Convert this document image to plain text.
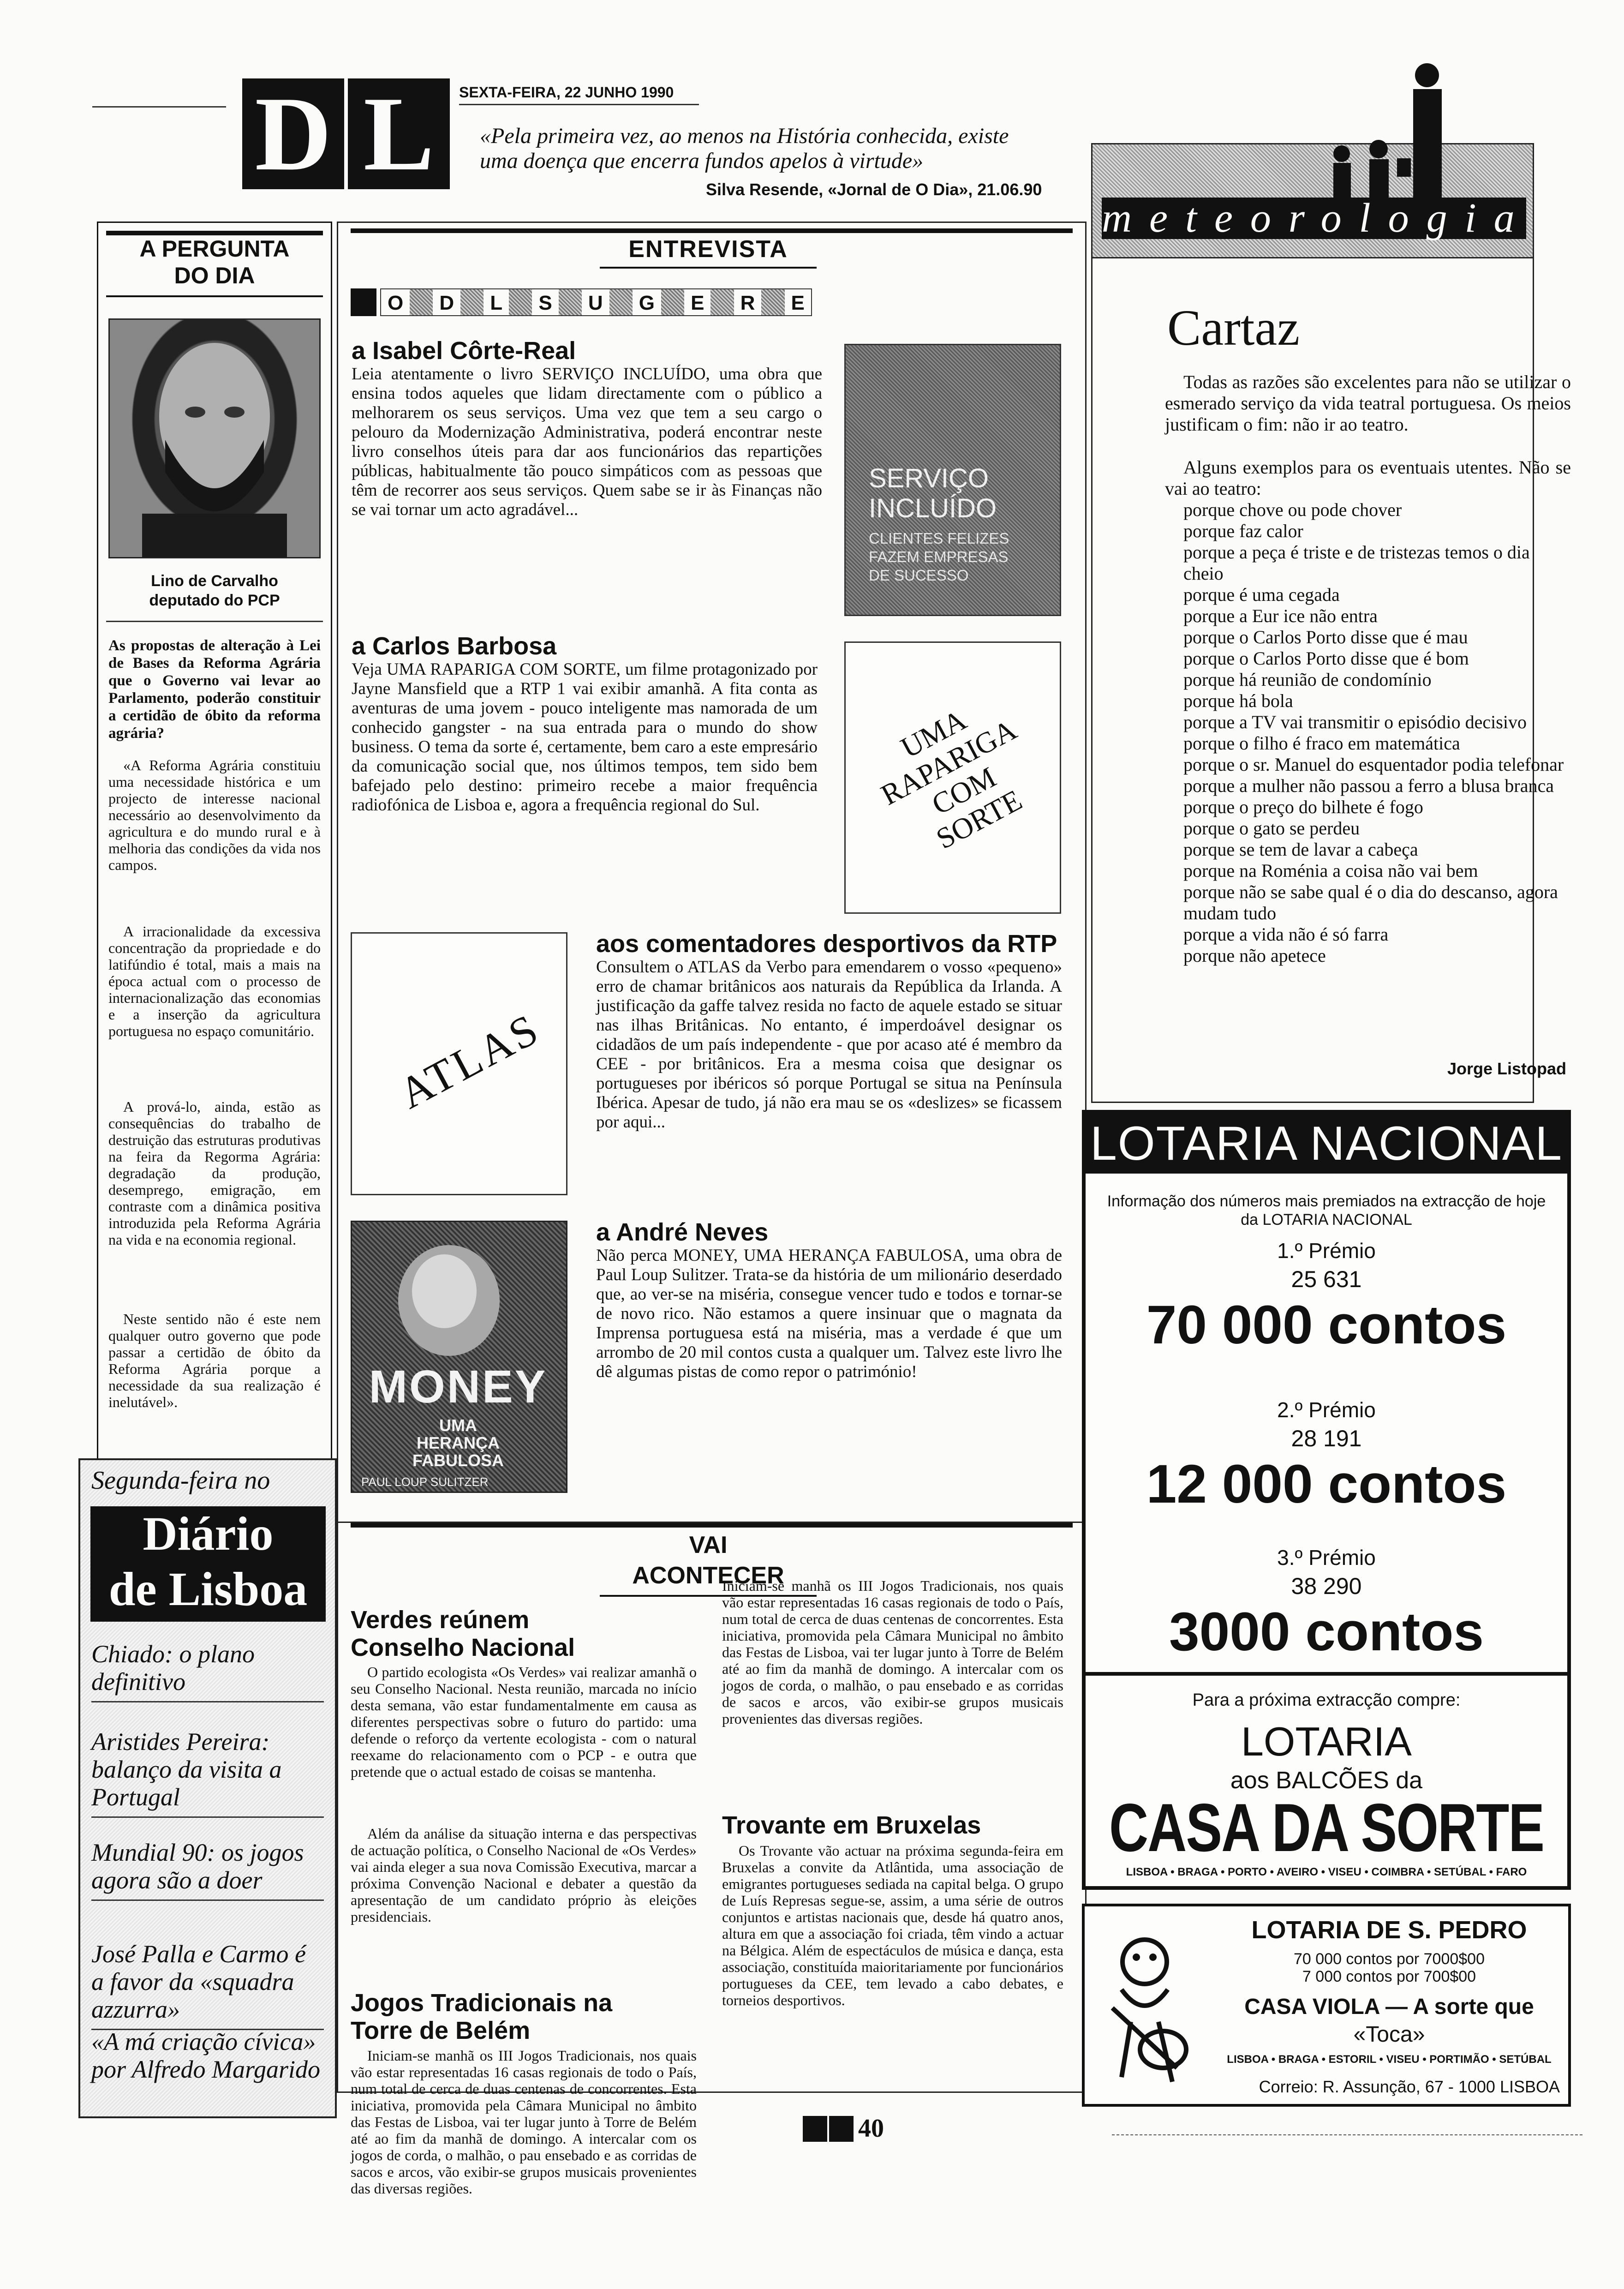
D L	SEXTA-FEIRA, 22 JUNHO 1990
«Pela primeira vez, ao menos na História conhecida, existe uma doença que encerra fundos apelos à virtude»
Silva Resende, «Jornal de O Dia», 21.06.90
meteorologia
A PERGUNTA
DO DIA
Lino de Carvalho
deputado do PCP
As propostas de alteração à Lei de Bases da Reforma Agrária que o Governo vai levar ao Parlamento, poderão constituir a certidão de óbito da reforma agrária?
«A Reforma Agrária constituiu uma necessidade histórica e um projecto de interesse nacional necessário ao desenvolvimento da agricultura e do mundo rural e à melhoria das condições da vida nos campos.
A irracionalidade da excessiva concentração da propriedade e do latifúndio é total, mais a mais na época actual com o processo de internacionalização das economias e a inserção da agricultura portuguesa no espaço comunitário.
A prová-lo, ainda, estão as consequências do trabalho de destruição das estruturas produtivas na feira da Regorma Agrária: degradação da produção, desemprego, emigração, em contraste com a dinâmica positiva introduzida pela Reforma Agrária na vida e na economia regional.
Neste sentido não é este nem qualquer outro governo que pode passar a certidão de óbito da Reforma Agrária porque a necessidade da sua realização é inelutável».
Segunda-feira no
Diário
de Lisboa
Chiado: o plano definitivo
Aristides Pereira: balanço da visita a Portugal
Mundial 90: os jogos agora são a doer
José Palla e Carmo é a favor da «squadra azzurra»
«A má criação cívica» por Alfredo Margarido
ENTREVISTA
O	D	L	S	U	G	E	R	E
a Isabel Côrte-Real
Leia atentamente o livro SERVIÇO INCLUÍDO, uma obra que ensina todos aqueles que lidam directamente com o público a melhorarem os seus serviços. Uma vez que tem a seu cargo o pelouro da Modernização Administrativa, poderá encontrar neste livro conselhos úteis para dar aos funcionários das repartições públicas, habitualmente tão pouco simpáticos com as pessoas que têm de recorrer aos seus serviços. Quem sabe se ir às Finanças não se vai tornar um acto agradável...
SERVIÇO
INCLUÍDO
CLIENTES FELIZES
FAZEM EMPRESAS
DE SUCESSO
a Carlos Barbosa
Veja UMA RAPARIGA COM SORTE, um filme protagonizado por Jayne Mansfield que a RTP 1 vai exibir amanhã. A fita conta as aventuras de uma jovem - pouco inteligente mas namorada de um conhecido gangster - na sua entrada para o mundo do show business. O tema da sorte é, certamente, bem caro a este empresário da comunicação social que, nos últimos tempos, tem sido bem bafejado pelo destino: primeiro recebe a maior frequência radiofónica de Lisboa e, agora a frequência regional do Sul.
UMA
RAPARIGA
COM
SORTE
ATLAS
aos comentadores desportivos da RTP
Consultem o ATLAS da Verbo para emendarem o vosso «pequeno» erro de chamar britânicos aos naturais da República da Irlanda. A justificação da gaffe talvez resida no facto de aquele estado se situar nas ilhas Britânicas. No entanto, é imperdoável designar os cidadãos de um país independente - que por acaso até é membro da CEE - por britânicos. Era a mesma coisa que designar os portugueses por ibéricos só porque Portugal se situa na Península Ibérica. Apesar de tudo, já não era mau se os «deslizes» se ficassem por aqui...
MONEY
UMA
HERANÇA
FABULOSA
PAUL LOUP SULITZER
a André Neves
Não perca MONEY, UMA HERANÇA FABULOSA, uma obra de Paul Loup Sulitzer. Trata-se da história de um milionário deserdado que, ao ver-se na miséria, consegue vencer tudo e todos e tornar-se de novo rico. Não estamos a quere insinuar que o magnata da Imprensa portuguesa está na miséria, mas a verdade é que um arrombo de 20 mil contos custa a qualquer um. Talvez este livro lhe dê algumas pistas de como repor o património!
VAI
ACONTECER
Verdes reúnem Conselho Nacional
O partido ecologista «Os Verdes» vai realizar amanhã o seu Conselho Nacional. Nesta reunião, marcada no início desta semana, vão estar fundamentalmente em causa as diferentes perspectivas sobre o futuro do partido: uma defende o reforço da vertente ecologista - com o natural reexame do relacionamento com o PCP - e outra que pretende que o actual estado de coisas se mantenha.
Além da análise da situação interna e das perspectivas de actuação política, o Conselho Nacional de «Os Verdes» vai ainda eleger a sua nova Comissão Executiva, marcar a próxima Convenção Nacional e debater a questão da apresentação de um candidato próprio às eleições presidenciais.
Jogos Tradicionais na Torre de Belém
Iniciam-se manhã os III Jogos Tradicionais, nos quais vão estar representadas 16 casas regionais de todo o País, num total de cerca de duas centenas de concorrentes. Esta iniciativa, promovida pela Câmara Municipal no âmbito das Festas de Lisboa, vai ter lugar junto à Torre de Belém até ao fim da manhã de domingo. A intercalar com os jogos de corda, o malhão, o pau ensebado e as corridas de sacos e arcos, vão exibir-se grupos musicais provenientes das diversas regiões.
Iniciam-se manhã os III Jogos Tradicionais, nos quais vão estar representadas 16 casas regionais de todo o País, num total de cerca de duas centenas de concorrentes. Esta iniciativa, promovida pela Câmara Municipal no âmbito das Festas de Lisboa, vai ter lugar junto à Torre de Belém até ao fim da manhã de domingo. A intercalar com os jogos de corda, o malhão, o pau ensebado e as corridas de sacos e arcos, vão exibir-se grupos musicais provenientes das diversas regiões.
Trovante em Bruxelas
Os Trovante vão actuar na próxima segunda-feira em Bruxelas a convite da Atlântida, uma associação de emigrantes portugueses sediada na capital belga. O grupo de Luís Represas segue-se, assim, a uma série de outros conjuntos e artistas nacionais que, desde há quatro anos, altura em que a associação foi criada, têm vindo a actuar na Bélgica. Além de espectáculos de música e dança, esta associação, constituída maioritariamente por funcionários portugueses da CEE, tem levado a cabo debates, e torneios desportivos.
Cartaz
Todas as razões são excelentes para não se utilizar o esmerado serviço da vida teatral portuguesa. Os meios justificam o fim: não ir ao teatro.
Alguns exemplos para os eventuais utentes. Não se vai ao teatro:
porque chove ou pode chover
porque faz calor
porque a peça é triste e de tristezas temos o dia cheio
porque é uma cegada
porque a Eur ice não entra
porque o Carlos Porto disse que é mau
porque o Carlos Porto disse que é bom
porque há reunião de condomínio
porque há bola
porque a TV vai transmitir o episódio decisivo
porque o filho é fraco em matemática
porque o sr. Manuel do esquentador podia telefonar
porque a mulher não passou a ferro a blusa branca
porque o preço do bilhete é fogo
porque o gato se perdeu
porque se tem de lavar a cabeça
porque na Roménia a coisa não vai bem
porque não se sabe qual é o dia do descanso, agora mudam tudo
porque a vida não é só farra
porque não apetece
Jorge Listopad
LOTARIA NACIONAL
Informação dos números mais premiados na extracção de hoje da LOTARIA NACIONAL
1.º Prémio
25 631
70 000 contos
2.º Prémio
28 191
12 000 contos
3.º Prémio
38 290
3000 contos
Para a próxima extracção compre:
LOTARIA
aos BALCÕES da
CASA DA SORTE
LISBOA • BRAGA • PORTO • AVEIRO • VISEU • COIMBRA • SETÚBAL • FARO
LOTARIA DE S. PEDRO
70 000 contos por 7000$00
7 000 contos por 700$00
CASA VIOLA — A sorte que
«Toca»
LISBOA • BRAGA • ESTORIL • VISEU • PORTIMÃO • SETÚBAL
Correio: R. Assunção, 67 - 1000 LISBOA
40
